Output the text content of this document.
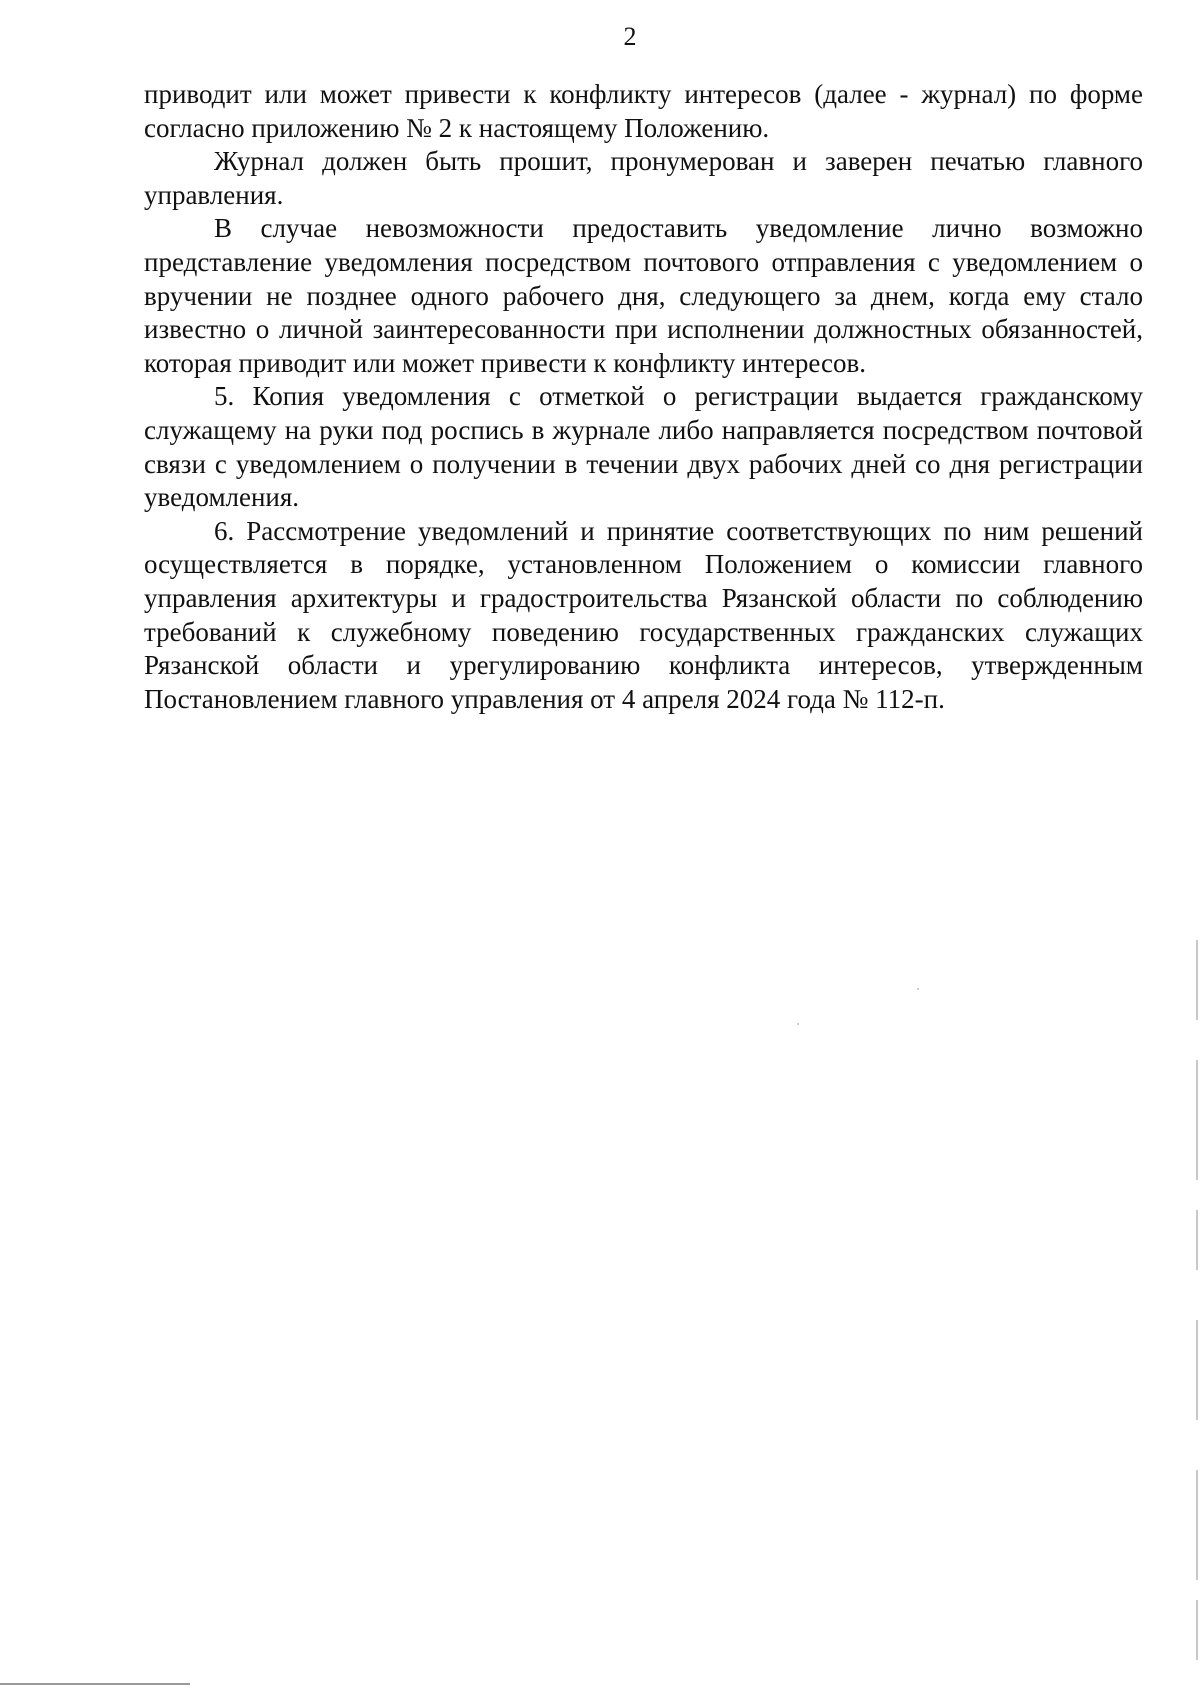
2

приводит или может привести к конфликту интересов (далее - журнал) по форме согласно приложению № 2 к настоящему Положению.

Журнал должен быть прошит, пронумерован и заверен печатью главного управления.

В случае невозможности предоставить уведомление лично возможно представление уведомления посредством почтового отправления с уведомлением о вручении не позднее одного рабочего дня, следующего за днем, когда ему стало известно о личной заинтересованности при исполнении должностных обязанностей, которая приводит или может привести к конфликту интересов.

5. Копия уведомления с отметкой о регистрации выдается гражданскому служащему на руки под роспись в журнале либо направляется посредством почтовой связи с уведомлением о получении в течении двух рабочих дней со дня регистрации уведомления.

6. Рассмотрение уведомлений и принятие соответствующих по ним решений осуществляется в порядке, установленном Положением о комиссии главного управления архитектуры и градостроительства Рязанской области по соблюдению требований к служебному поведению государственных гражданских служащих Рязанской области и урегулированию конфликта интересов, утвержденным Постановлением главного управления от 4 апреля 2024 года № 112-п.
